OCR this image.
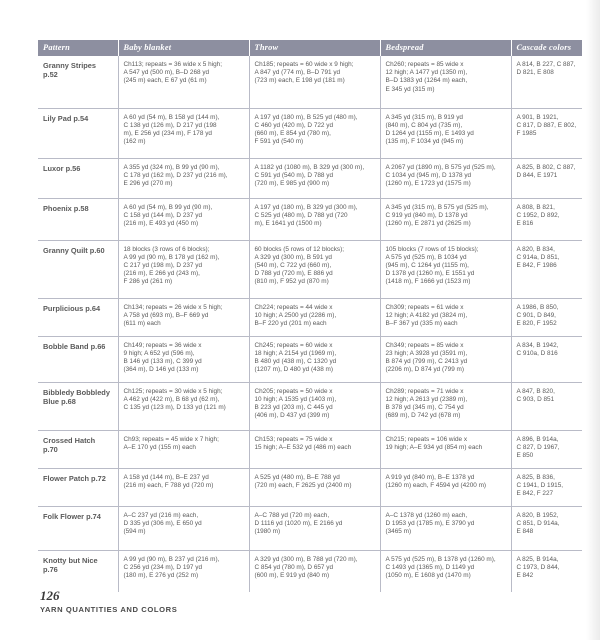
Pattern	Baby blanket	Throw	Bedspread	Cascade colors

Granny Stripes
p.52	Ch113; repeats = 36 wide x 5 high;
A 547 yd (500 m), B–D 268 yd
(245 m) each, E 67 yd (61 m)	Ch185; repeats = 60 wide x 9 high;
A 847 yd (774 m), B–D 791 yd
(723 m) each, E 198 yd (181 m)	Ch260; repeats = 85 wide x
12 high; A 1477 yd (1350 m),
B–D 1383 yd (1264 m) each,
E 345 yd (315 m)	A 814, B 227, C 887,
D 821, E 808

Lily Pad p.54	A 60 yd (54 m), B 158 yd (144 m),
C 138 yd (126 m), D 217 yd (198
m), E 256 yd (234 m), F 178 yd
(162 m)	A 197 yd (180 m), B 525 yd (480 m),
C 460 yd (420 m), D 722 yd
(660 m), E 854 yd (780 m),
F 591 yd (540 m)	A 345 yd (315 m), B 919 yd
(840 m), C 804 yd (735 m),
D 1264 yd (1155 m), E 1493 yd
(135 m), F 1034 yd (945 m)	A 901, B 1921,
C 817, D 887, E 802,
F 1985

Luxor p.56	A 355 yd (324 m), B 99 yd (90 m),
C 178 yd (162 m), D 237 yd (216 m),
E 296 yd (270 m)	A 1182 yd (1080 m), B 329 yd (300 m),
C 591 yd (540 m), D 788 yd
(720 m), E 985 yd (900 m)	A 2067 yd (1890 m), B 575 yd (525 m),
C 1034 yd (945 m), D 1378 yd
(1260 m), E 1723 yd (1575 m)	A 825, B 802, C 887,
D 844, E 1971

Phoenix p.58	A 60 yd (54 m), B 99 yd (90 m),
C 158 yd (144 m), D 237 yd
(216 m), E 493 yd (450 m)	A 197 yd (180 m), B 329 yd (300 m),
C 525 yd (480 m), D 788 yd (720
m), E 1641 yd (1500 m)	A 345 yd (315 m), B 575 yd (525 m),
C 919 yd (840 m), D 1378 yd
(1260 m), E 2871 yd (2625 m)	A 808, B 821,
C 1952, D 892,
E 816

Granny Quilt p.60	18 blocks (3 rows of 6 blocks);
A 99 yd (90 m), B 178 yd (162 m),
C 217 yd (198 m), D 237 yd
(216 m), E 266 yd (243 m),
F 286 yd (261 m)	60 blocks (5 rows of 12 blocks);
A 329 yd (300 m), B 591 yd
(540 m), C 722 yd (660 m),
D 788 yd (720 m), E 886 yd
(810 m), F 952 yd (870 m)	105 blocks (7 rows of 15 blocks);
A 575 yd (525 m), B 1034 yd
(945 m), C 1264 yd (1155 m),
D 1378 yd (1260 m), E 1551 yd
(1418 m), F 1666 yd (1523 m)	A 820, B 834,
C 914a, D 851,
E 842, F 1986

Purplicious p.64	Ch134; repeats = 26 wide x 5 high;
A 758 yd (693 m), B–F 669 yd
(611 m) each	Ch224; repeats = 44 wide x
10 high; A 2500 yd (2286 m),
B–F 220 yd (201 m) each	Ch309; repeats = 61 wide x
12 high; A 4182 yd (3824 m),
B–F 367 yd (335 m) each	A 1986, B 850,
C 901, D 849,
E 820, F 1952

Bobble Band p.66	Ch149; repeats = 36 wide x
9 high; A 652 yd (596 m),
B 146 yd (133 m), C 399 yd
(364 m), D 146 yd (133 m)	Ch245; repeats = 60 wide x
18 high; A 2154 yd (1969 m),
B 480 yd (438 m), C 1320 yd
(1207 m), D 480 yd (438 m)	Ch349; repeats = 85 wide x
23 high; A 3928 yd (3591 m),
B 874 yd (799 m), C 2413 yd
(2206 m), D 874 yd (799 m)	A 834, B 1942,
C 910a, D 816

Bibbledy Bobbledy
Blue p.68	Ch125; repeats = 30 wide x 5 high;
A 462 yd (422 m), B 68 yd (62 m),
C 135 yd (123 m), D 133 yd (121 m)	Ch205; repeats = 50 wide x
10 high; A 1535 yd (1403 m),
B 223 yd (203 m), C 445 yd
(406 m), D 437 yd (399 m)	Ch289; repeats = 71 wide x
12 high; A 2613 yd (2389 m),
B 378 yd (345 m), C 754 yd
(689 m), D 742 yd (678 m)	A 847, B 820,
C 903, D 851

Crossed Hatch
p.70	Ch93; repeats = 45 wide x 7 high;
A–E 170 yd (155 m) each	Ch153; repeats = 75 wide x
15 high; A–E 532 yd (486 m) each	Ch215; repeats = 106 wide x
19 high; A–E 934 yd (854 m) each	A 896, B 914a,
C 827, D 1967,
E 850

Flower Patch p.72	A 158 yd (144 m), B–E 237 yd
(216 m) each, F 788 yd (720 m)	A 525 yd (480 m), B–E 788 yd
(720 m) each, F 2625 yd (2400 m)	A 919 yd (840 m), B–E 1378 yd
(1260 m) each, F 4594 yd (4200 m)	A 825, B 836,
C 1941, D 1915,
E 842, F 227

Folk Flower p.74	A–C 237 yd (216 m) each,
D 335 yd (306 m), E 650 yd
(594 m)	A–C 788 yd (720 m) each,
D 1116 yd (1020 m), E 2166 yd
(1980 m)	A–C 1378 yd (1260 m) each,
D 1953 yd (1785 m), E 3790 yd
(3465 m)	A 820, B 1952,
C 851, D 914a,
E 848

Knotty but Nice
p.76	A 99 yd (90 m), B 237 yd (216 m),
C 256 yd (234 m), D 197 yd
(180 m), E 276 yd (252 m)	A 329 yd (300 m), B 788 yd (720 m),
C 854 yd (780 m), D 657 yd
(600 m), E 919 yd (840 m)	A 575 yd (525 m), B 1378 yd (1260 m),
C 1493 yd (1365 m), D 1149 yd
(1050 m), E 1608 yd (1470 m)	A 825, B 914a,
C 1973, D 844,
E 842
126
YARN QUANTITIES AND COLORS
